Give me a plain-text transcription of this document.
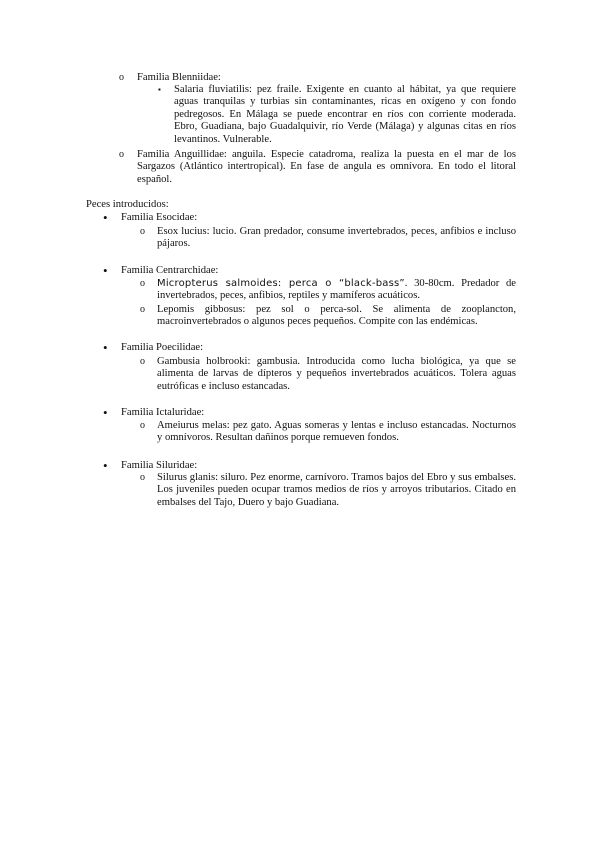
o Familia Blenniidae:
▪ Salaria fluviatilis: pez fraile. Exigente en cuanto al hábitat, ya que requiere aguas tranquilas y turbias sin contaminantes, ricas en oxígeno y con fondo pedregosos. En Málaga se puede encontrar en ríos con corriente moderada. Ebro, Guadiana, bajo Guadalquivir, río Verde (Málaga) y algunas citas en ríos levantinos. Vulnerable.
o Familia Anguillidae: anguila. Especie catadroma, realiza la puesta en el mar de los Sargazos (Atlántico intertropical). En fase de angula es omnívora. En todo el litoral español.
Peces introducidos:
• Familia Esocidae:
o Esox lucius: lucio. Gran predador, consume invertebrados, peces, anfibios e incluso pájaros.
• Familia Centrarchidae:
o Micropterus salmoides: perca o “black-bass”. 30-80cm. Predador de invertebrados, peces, anfibios, reptiles y mamíferos acuáticos.
o Lepomis gibbosus: pez sol o perca-sol. Se alimenta de zooplancton, macroinvertebrados o algunos peces pequeños. Compite con las endémicas.
• Familia Poecilidae:
o Gambusia holbrooki: gambusia. Introducida como lucha biológica, ya que se alimenta de larvas de dípteros y pequeños invertebrados acuáticos. Tolera aguas eutróficas e incluso estancadas.
• Familia Ictaluridae:
o Ameiurus melas: pez gato. Aguas someras y lentas e incluso estancadas. Nocturnos y omnívoros. Resultan dañinos porque remueven fondos.
• Familia Siluridae:
o Silurus glanis: siluro. Pez enorme, carnívoro. Tramos bajos del Ebro y sus embalses. Los juveniles pueden ocupar tramos medios de ríos y arroyos tributarios. Citado en embalses del Tajo, Duero y bajo Guadiana.
